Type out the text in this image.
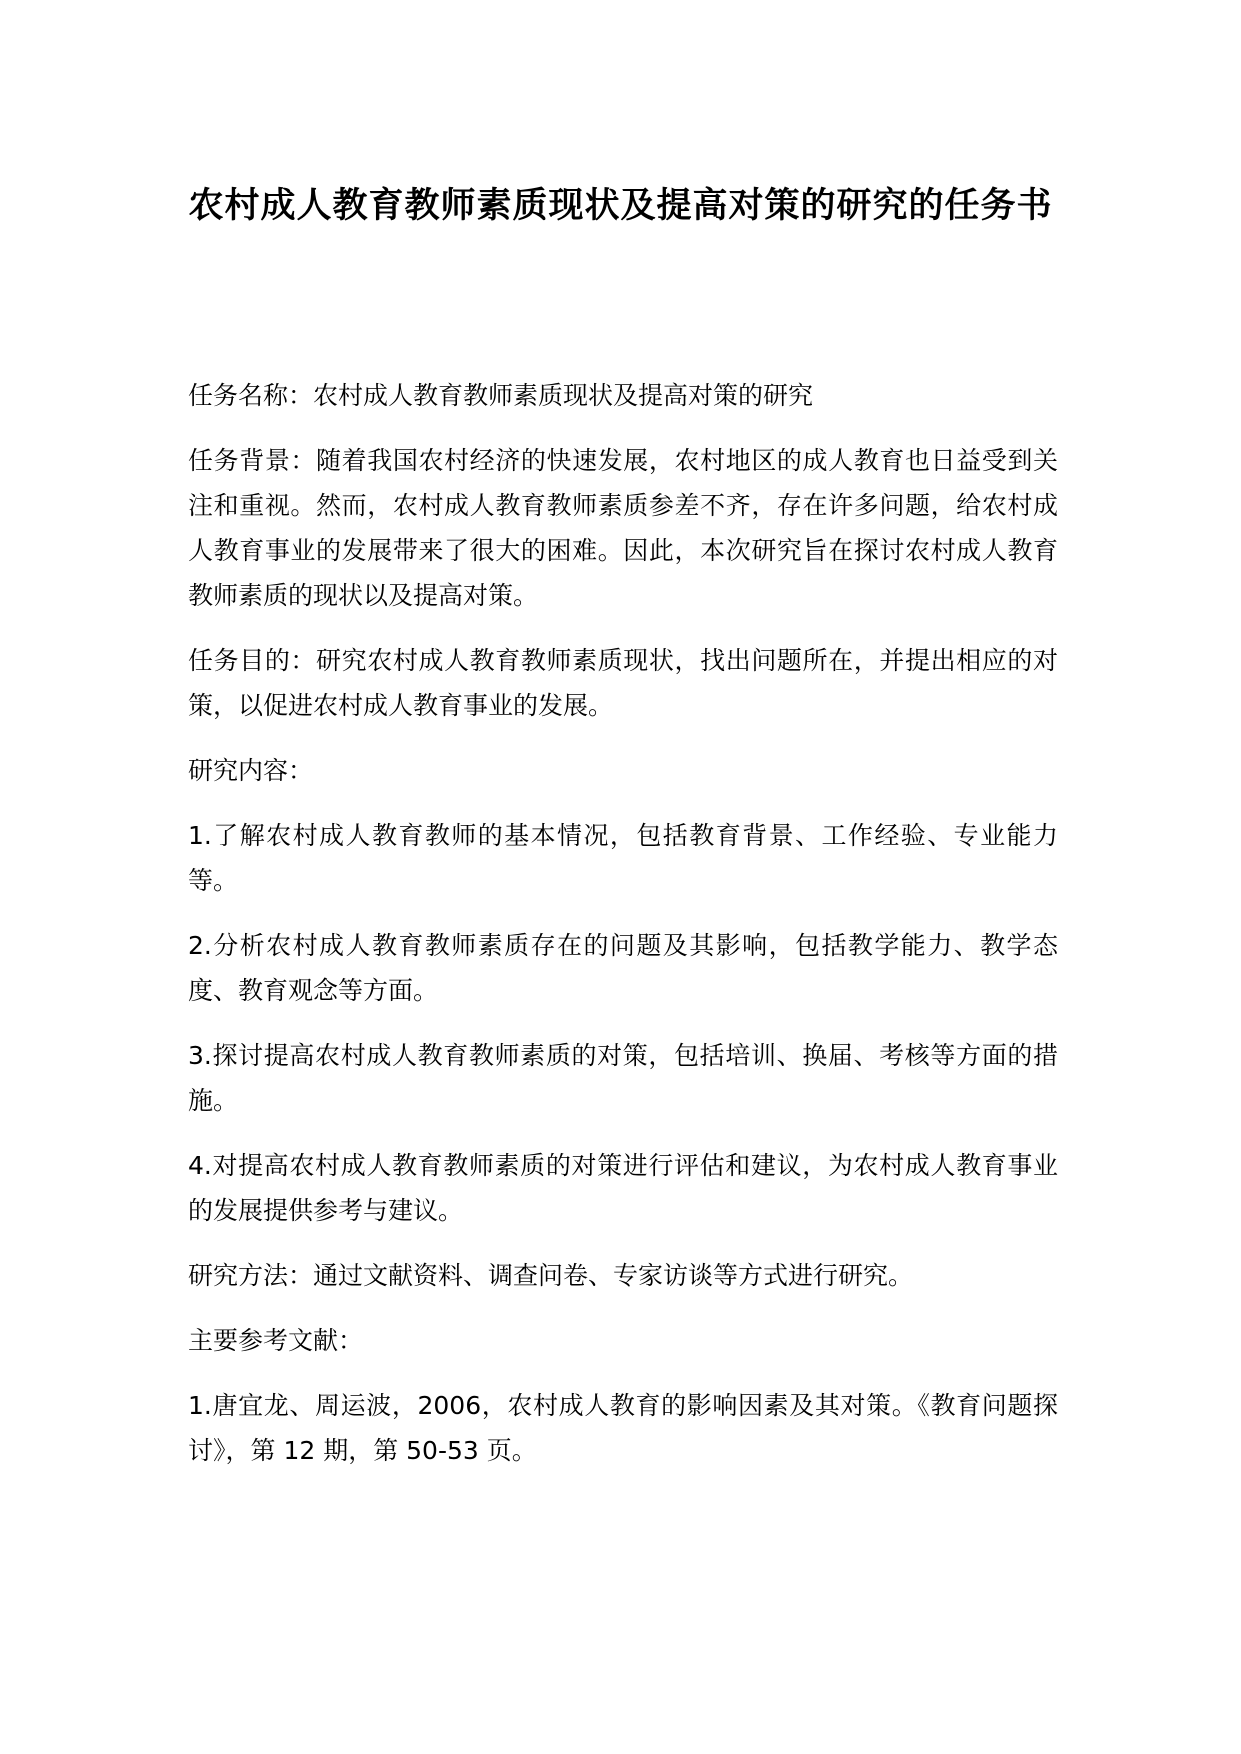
农村成人教育教师素质现状及提高对策的研究的任务书

任务名称：农村成人教育教师素质现状及提高对策的研究

任务背景：随着我国农村经济的快速发展，农村地区的成人教育也日益受到关注和重视。然而，农村成人教育教师素质参差不齐，存在许多问题，给农村成人教育事业的发展带来了很大的困难。因此，本次研究旨在探讨农村成人教育教师素质的现状以及提高对策。

任务目的：研究农村成人教育教师素质现状，找出问题所在，并提出相应的对策，以促进农村成人教育事业的发展。

研究内容：

1.了解农村成人教育教师的基本情况，包括教育背景、工作经验、专业能力等。

2.分析农村成人教育教师素质存在的问题及其影响，包括教学能力、教学态度、教育观念等方面。

3.探讨提高农村成人教育教师素质的对策，包括培训、换届、考核等方面的措施。

4.对提高农村成人教育教师素质的对策进行评估和建议，为农村成人教育事业的发展提供参考与建议。

研究方法：通过文献资料、调查问卷、专家访谈等方式进行研究。

主要参考文献：

1.唐宜龙、周运波，2006，农村成人教育的影响因素及其对策。《教育问题探讨》，第 12 期，第 50-53 页。
